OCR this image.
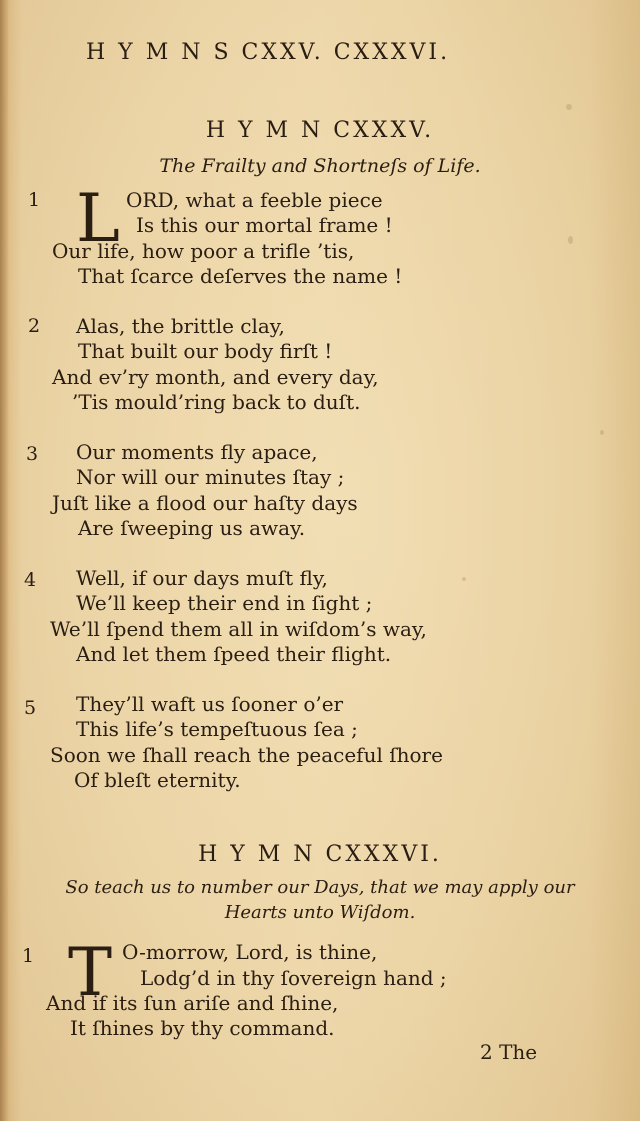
H Y M N S CXXV. CXXXVI.
H Y M N CXXXV.
The Frailty and Shortneſs of Life.
1 L ORD, what a feeble piece
Is this our mortal frame !
Our life, how poor a trifle ’tis,
That ſcarce deſerves the name !
2 Alas, the brittle clay,
That built our body firſt !
And ev’ry month, and every day,
’Tis mould’ring back to duſt.
3 Our moments fly apace,
Nor will our minutes ſtay ;
Juſt like a flood our haſty days
Are ſweeping us away.
4 Well, if our days muſt fly,
We’ll keep their end in ſight ;
We’ll ſpend them all in wiſdom’s way,
And let them ſpeed their flight.
5 They’ll waft us ſooner o’er
This life’s tempeſtuous ſea ;
Soon we ſhall reach the peaceful ſhore
Of bleſt eternity.
H Y M N CXXXVI.
So teach us to number our Days, that we may apply our
Hearts unto Wiſdom.
1 T O-morrow, Lord, is thine,
Lodg’d in thy ſovereign hand ;
And if its ſun ariſe and ſhine,
It ſhines by thy command.
2 The
